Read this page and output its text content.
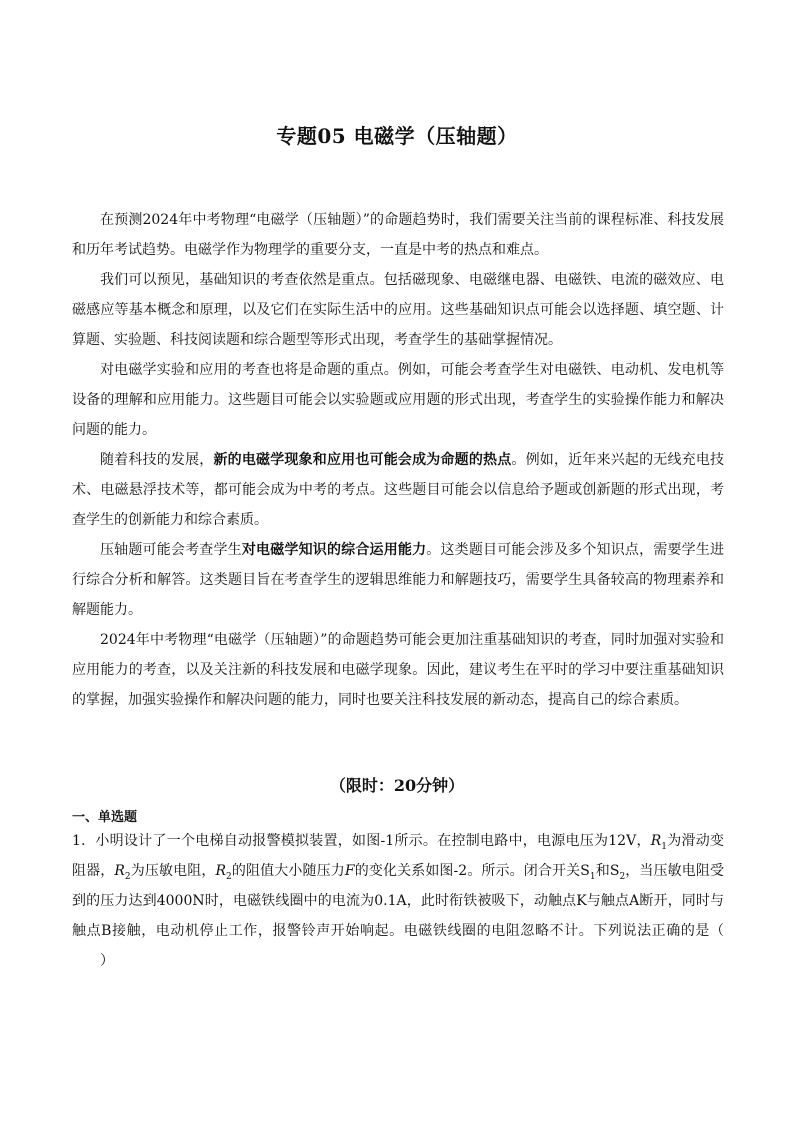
专题05 电磁学（压轴题）

在预测2024年中考物理“电磁学（压轴题）”的命题趋势时，我们需要关注当前的课程标准、科技发展和历年考试趋势。电磁学作为物理学的重要分支，一直是中考的热点和难点。

我们可以预见，基础知识的考查依然是重点。包括磁现象、电磁继电器、电磁铁、电流的磁效应、电磁感应等基本概念和原理，以及它们在实际生活中的应用。这些基础知识点可能会以选择题、填空题、计算题、实验题、科技阅读题和综合题型等形式出现，考查学生的基础掌握情况。

对电磁学实验和应用的考查也将是命题的重点。例如，可能会考查学生对电磁铁、电动机、发电机等设备的理解和应用能力。这些题目可能会以实验题或应用题的形式出现，考查学生的实验操作能力和解决问题的能力。

随着科技的发展，新的电磁学现象和应用也可能会成为命题的热点。例如，近年来兴起的无线充电技术、电磁悬浮技术等，都可能会成为中考的考点。这些题目可能会以信息给予题或创新题的形式出现，考查学生的创新能力和综合素质。

压轴题可能会考查学生对电磁学知识的综合运用能力。这类题目可能会涉及多个知识点，需要学生进行综合分析和解答。这类题目旨在考查学生的逻辑思维能力和解题技巧，需要学生具备较高的物理素养和解题能力。

2024年中考物理“电磁学（压轴题）”的命题趋势可能会更加注重基础知识的考查，同时加强对实验和应用能力的考查，以及关注新的科技发展和电磁学现象。因此，建议考生在平时的学习中要注重基础知识的掌握，加强实验操作和解决问题的能力，同时也要关注科技发展的新动态，提高自己的综合素质。

（限时：20分钟）
一、单选题

1．小明设计了一个电梯自动报警模拟装置，如图-1所示。在控制电路中，电源电压为12V，$R_1$为滑动变阻器，$R_2$为压敏电阻，$R_2$的阻值大小随压力F的变化关系如图-2。所示。闭合开关$S_1$和$S_2$，当压敏电阻受到的压力达到4000N时，电磁铁线圈中的电流为0.1A，此时衔铁被吸下，动触点K与触点A断开，同时与触点B接触，电动机停止工作，报警铃声开始响起。电磁铁线圈的电阻忽略不计。下列说法正确的是（）
